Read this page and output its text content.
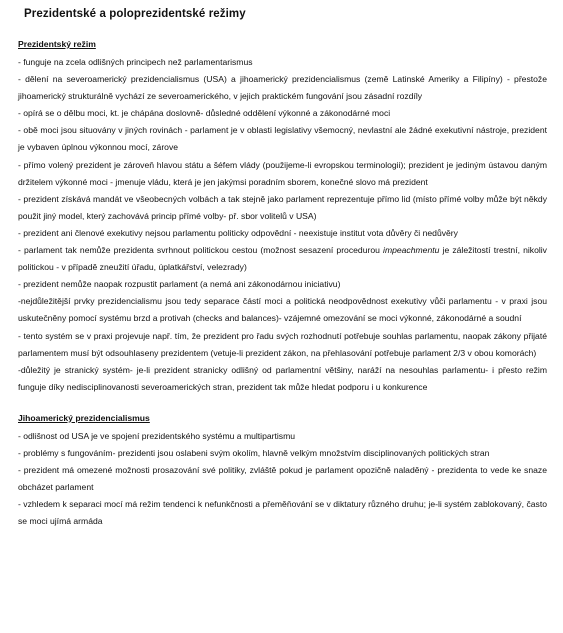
Prezidentské a poloprezidentské režimy
Prezidentský režim
- funguje na zcela odlišných principech než parlamentarismus
- dělení na severoamerický prezidencialismus (USA) a jihoamerický prezidencialismus (země Latinské Ameriky a Filipíny) - přestože jihoamerický strukturálně vychází ze severoamerického, v jejich praktickém fungování jsou zásadní rozdíly
- opírá se o dělbu moci, kt. je chápána doslovně- důsledné oddělení výkonné a zákonodárné moci
- obě moci jsou situovány v jiných rovinách - parlament je v oblasti legislativy všemocný, nevlastní ale žádné exekutivní nástroje, prezident je vybaven úplnou výkonnou mocí, zárove
- přímo volený prezident je zároveň hlavou státu a šéfem vlády (použijeme-li evropskou terminologii); prezident je jediným ústavou daným držitelem výkonné moci - jmenuje vládu, která je jen jakýmsi poradním sborem, konečné slovo má prezident
- prezident získává mandát ve všeobecných volbách a tak stejně jako parlament reprezentuje přímo lid (místo přímé volby může být někdy použit jiný model, který zachovává princip přímé volby- př. sbor volitelů v USA)
- prezident ani členové exekutivy nejsou parlamentu politicky odpovědní - neexistuje institut vota důvěry či nedůvěry
- parlament tak nemůže prezidenta svrhnout politickou cestou (možnost sesazení procedurou impeachmentu je záležitostí trestní, nikoliv politickou - v případě zneužití úřadu, úplatkářství, velezrady)
- prezident nemůže naopak rozpustit parlament (a nemá ani zákonodárnou iniciativu)
-nejdůležitější prvky prezidencialismu jsou tedy separace částí moci a politická neodpovědnost exekutivy vůči parlamentu - v praxi jsou uskutečněny pomocí systému brzd a protivah (checks and balances)- vzájemné omezování se moci výkonné, zákonodárné a soudní
- tento systém se v praxi projevuje např. tím, že prezident pro řadu svých rozhodnutí potřebuje souhlas parlamentu, naopak zákony přijaté parlamentem musí být odsouhlaseny prezidentem (vetuje-li prezident zákon, na přehlasování potřebuje parlament 2/3 v obou komorách)
-důležitý je stranický systém- je-li prezident stranicky odlišný od parlamentní většiny, naráží na nesouhlas parlamentu- i přesto režim funguje díky nedisciplinovanosti severoamerických stran, prezident tak může hledat podporu i u konkurence
Jihoamerický prezidencialismus
- odlišnost od USA je ve spojení prezidentského systému a multipartismu
- problémy s fungováním- prezidenti jsou oslabeni svým okolím, hlavně velkým množstvím disciplinovaných politických stran
- prezident má omezené možnosti prosazování své politiky, zvláště pokud je parlament opozičně naladěný - prezidenta to vede ke snaze obcházet parlament
- vzhledem k separaci mocí má režim tendenci k nefunkčnosti a přeměňování se v diktatury různého druhu; je-li systém zablokovaný, často se moci ujímá armáda
